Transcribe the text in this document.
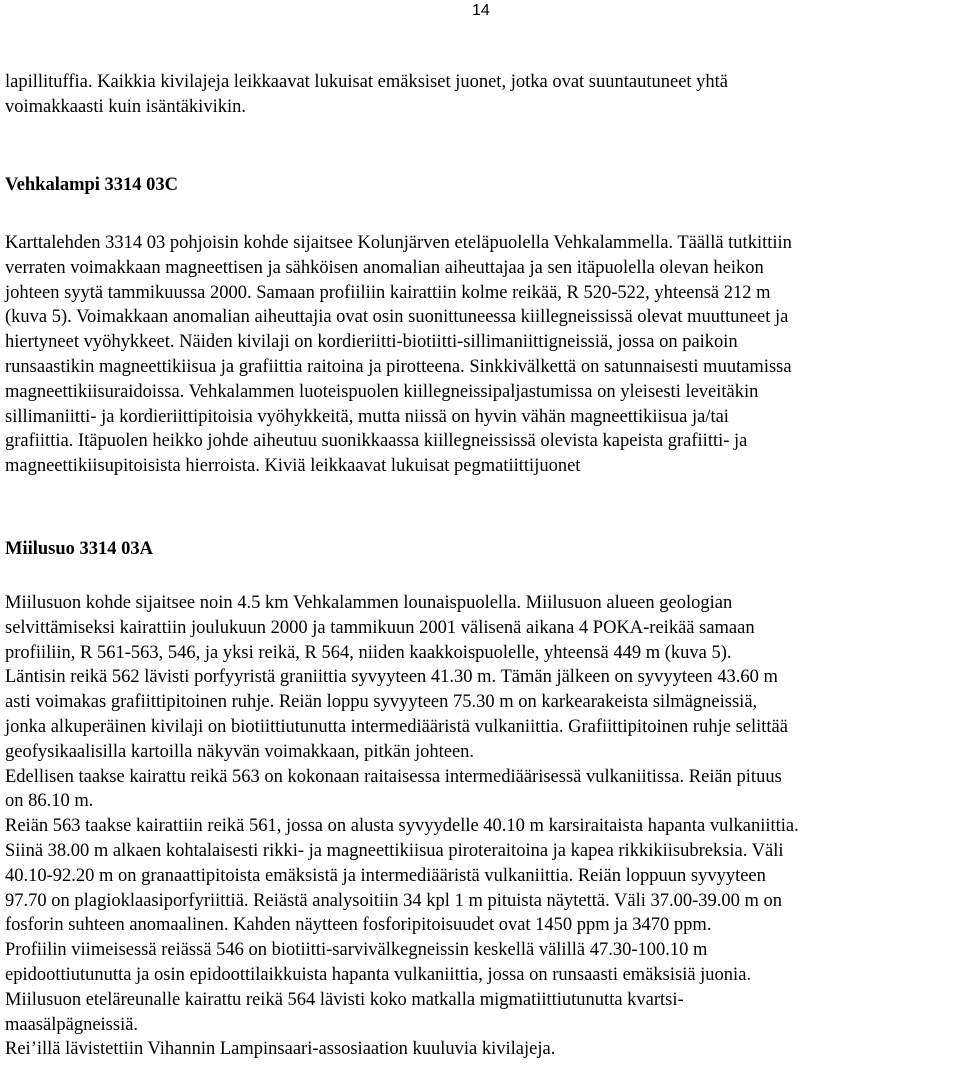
14
lapillituffia. Kaikkia kivilajeja leikkaavat lukuisat emäksiset juonet, jotka ovat suuntautuneet yhtä
voimakkaasti kuin isäntäkivikin.
Vehkalampi 3314 03C
Karttalehden 3314 03 pohjoisin kohde sijaitsee Kolunjärven eteläpuolella Vehkalammella. Täällä tutkittiin
verraten voimakkaan magneettisen ja sähköisen anomalian aiheuttajaa ja sen itäpuolella olevan heikon
johteen syytä tammikuussa 2000. Samaan profiiliin kairattiin kolme reikää, R 520-522, yhteensä 212 m
(kuva 5). Voimakkaan anomalian aiheuttajia ovat osin suonittuneessa kiillegneississä olevat muuttuneet ja
hiertyneet vyöhykkeet. Näiden kivilaji on kordieriitti-biotiitti-sillimaniittigneissiä, jossa on paikoin
runsaastikin magneettikiisua ja grafiittia raitoina ja pirotteena. Sinkkivälkettä on satunnaisesti muutamissa
magneettikiisuraidoissa. Vehkalammen luoteispuolen kiillegneissipaljastumissa on yleisesti leveitäkin
sillimaniitti- ja kordieriittipitoisia vyöhykkeitä, mutta niissä on hyvin vähän magneettikiisua ja/tai
grafiittia. Itäpuolen heikko johde aiheutuu suonikkaassa kiillegneississä olevista kapeista grafiitti- ja
magneettikiisupitoisista hierroista. Kiviä leikkaavat lukuisat pegmatiittijuonet
Miilusuo 3314 03A
Miilusuon kohde sijaitsee noin 4.5 km Vehkalammen lounaispuolella. Miilusuon alueen geologian
selvittämiseksi kairattiin joulukuun 2000 ja tammikuun 2001 välisenä aikana 4 POKA-reikää samaan
profiiliin, R 561-563, 546, ja yksi reikä, R 564, niiden kaakkoispuolelle, yhteensä 449 m (kuva 5).
Läntisin reikä 562 lävisti porfyyristä graniittia syvyyteen 41.30 m. Tämän jälkeen on syvyyteen 43.60 m
asti voimakas grafiittipitoinen ruhje. Reiän loppu syvyyteen 75.30 m on karkearakeista silmägneissiä,
jonka alkuperäinen kivilaji on biotiittiutunutta intermediääristä vulkaniittia. Grafiittipitoinen ruhje selittää
geofysikaalisilla kartoilla näkyvän voimakkaan, pitkän johteen.
Edellisen taakse kairattu reikä 563 on kokonaan raitaisessa intermediäärisessä vulkaniitissa. Reiän pituus
on 86.10 m.
Reiän 563 taakse kairattiin reikä 561, jossa on alusta syvyydelle 40.10 m karsiraitaista hapanta vulkaniittia.
Siinä 38.00 m alkaen kohtalaisesti rikki- ja magneettikiisua piroteraitoina ja kapea rikkikiisubreksia. Väli
40.10-92.20 m on granaattipitoista emäksistä ja intermediääristä vulkaniittia. Reiän loppuun syvyyteen
97.70 on plagioklaasiporfyriittiä. Reiästä analysoitiin 34 kpl 1 m pituista näytettä. Väli 37.00-39.00 m on
fosforin suhteen anomaalinen. Kahden näytteen fosforipitoisuudet ovat 1450 ppm ja 3470 ppm.
Profiilin viimeisessä reiässä 546 on biotiitti-sarvivälkegneissin keskellä välillä 47.30-100.10 m
epidoottiutunutta ja osin epidoottilaikkuista hapanta vulkaniittia, jossa on runsaasti emäksisiä juonia.
Miilusuon eteläreunalle kairattu reikä 564 lävisti koko matkalla migmatiittiutunutta kvartsi-
maasälpägneissiä.
Rei’illä lävistettiin Vihannin Lampinsaari-assosiaation kuuluvia kivilajeja.
